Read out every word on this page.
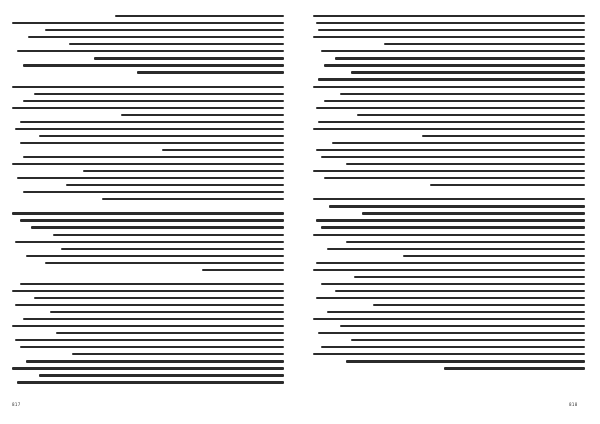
817	818
